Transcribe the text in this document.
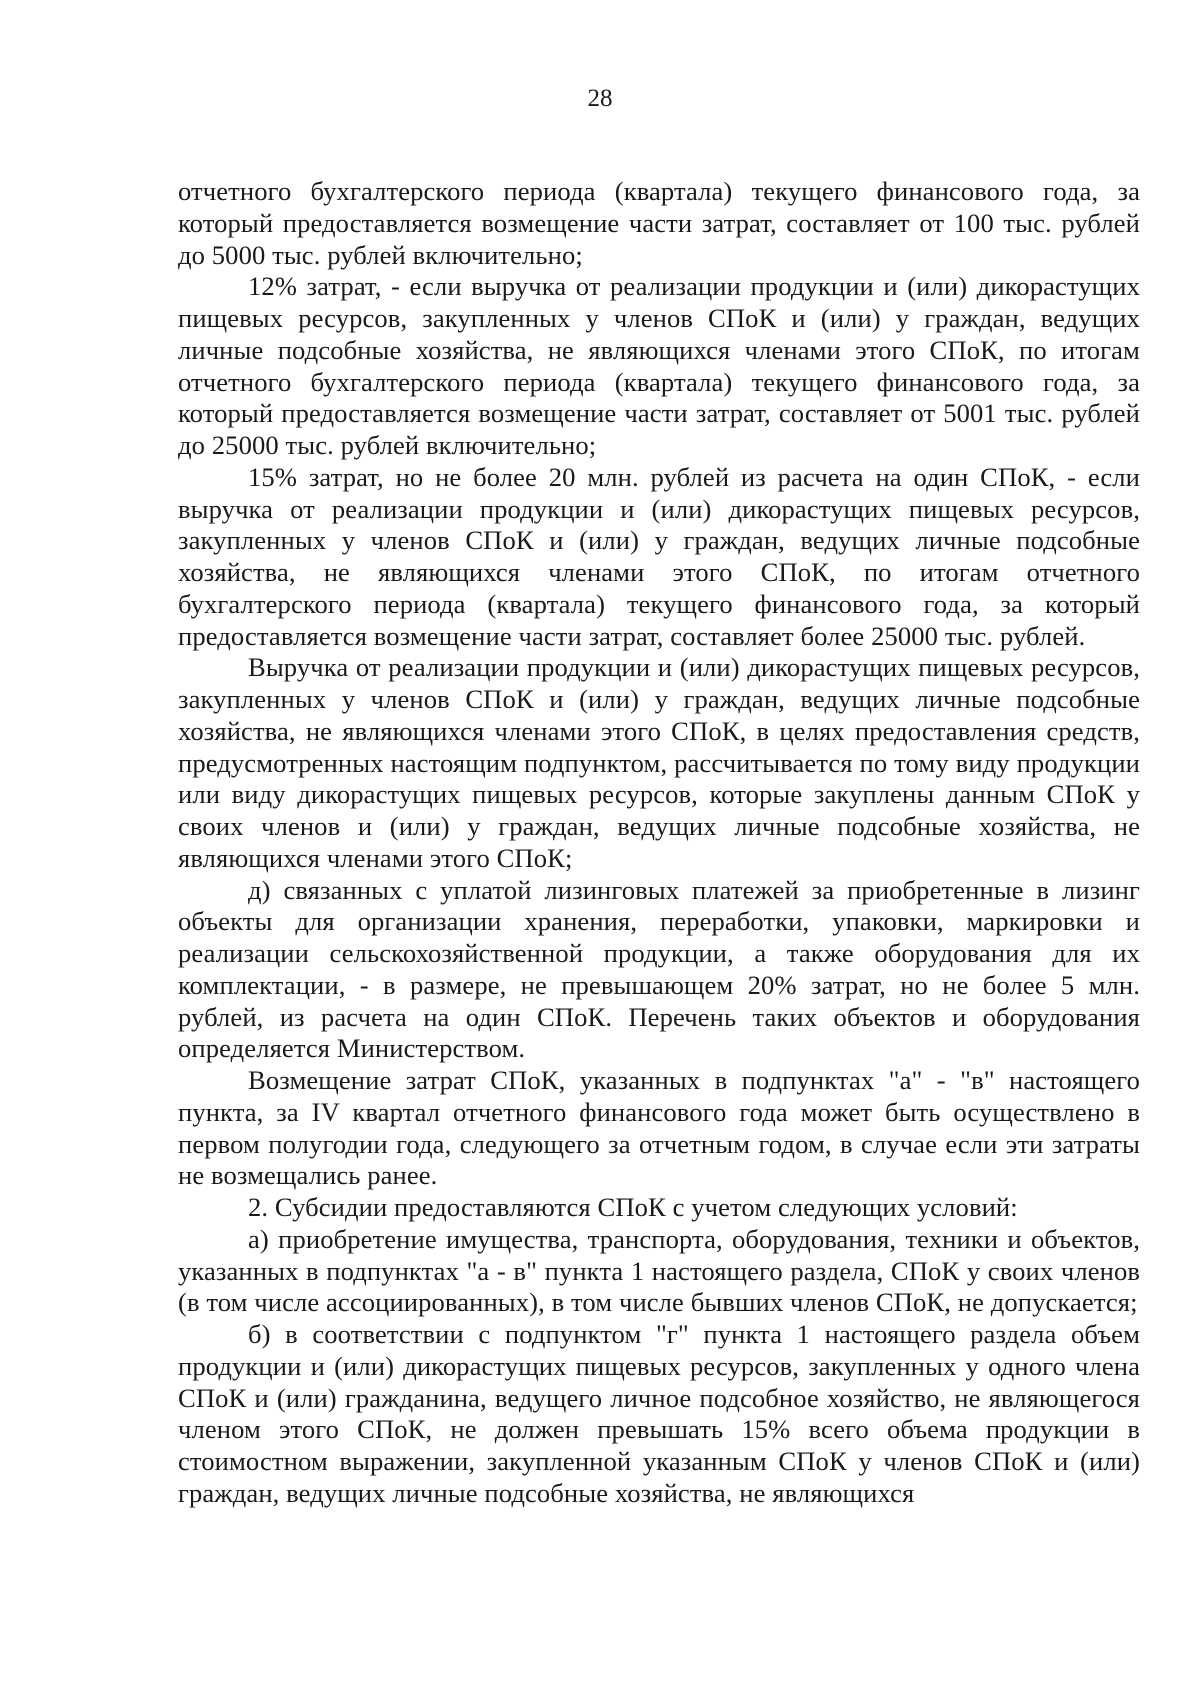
28

отчетного бухгалтерского периода (квартала) текущего финансового года, за который предоставляется возмещение части затрат, составляет от 100 тыс. рублей до 5000 тыс. рублей включительно;

12% затрат, - если выручка от реализации продукции и (или) дикорастущих пищевых ресурсов, закупленных у членов СПоК и (или) у граждан, ведущих личные подсобные хозяйства, не являющихся членами этого СПоК, по итогам отчетного бухгалтерского периода (квартала) текущего финансового года, за который предоставляется возмещение части затрат, составляет от 5001 тыс. рублей до 25000 тыс. рублей включительно;

15% затрат, но не более 20 млн. рублей из расчета на один СПоК, - если выручка от реализации продукции и (или) дикорастущих пищевых ресурсов, закупленных у членов СПоК и (или) у граждан, ведущих личные подсобные хозяйства, не являющихся членами этого СПоК, по итогам отчетного бухгалтерского периода (квартала) текущего финансового года, за который предоставляется возмещение части затрат, составляет более 25000 тыс. рублей.

Выручка от реализации продукции и (или) дикорастущих пищевых ресурсов, закупленных у членов СПоК и (или) у граждан, ведущих личные подсобные хозяйства, не являющихся членами этого СПоК, в целях предоставления средств, предусмотренных настоящим подпунктом, рассчитывается по тому виду продукции или виду дикорастущих пищевых ресурсов, которые закуплены данным СПоК у своих членов и (или) у граждан, ведущих личные подсобные хозяйства, не являющихся членами этого СПоК;

д) связанных с уплатой лизинговых платежей за приобретенные в лизинг объекты для организации хранения, переработки, упаковки, маркировки и реализации сельскохозяйственной продукции, а также оборудования для их комплектации, - в размере, не превышающем 20% затрат, но не более 5 млн. рублей, из расчета на один СПоК. Перечень таких объектов и оборудования определяется Министерством.

Возмещение затрат СПоК, указанных в подпунктах "а" - "в" настоящего пункта, за IV квартал отчетного финансового года может быть осуществлено в первом полугодии года, следующего за отчетным годом, в случае если эти затраты не возмещались ранее.

2. Субсидии предоставляются СПоК с учетом следующих условий:

а) приобретение имущества, транспорта, оборудования, техники и объектов, указанных в подпунктах "а - в" пункта 1 настоящего раздела, СПоК у своих членов (в том числе ассоциированных), в том числе бывших членов СПоК, не допускается;

б) в соответствии с подпунктом "г" пункта 1 настоящего раздела объем продукции и (или) дикорастущих пищевых ресурсов, закупленных у одного члена СПоК и (или) гражданина, ведущего личное подсобное хозяйство, не являющегося членом этого СПоК, не должен превышать 15% всего объема продукции в стоимостном выражении, закупленной указанным СПоК у членов СПоК и (или) граждан, ведущих личные подсобные хозяйства, не являющихся
